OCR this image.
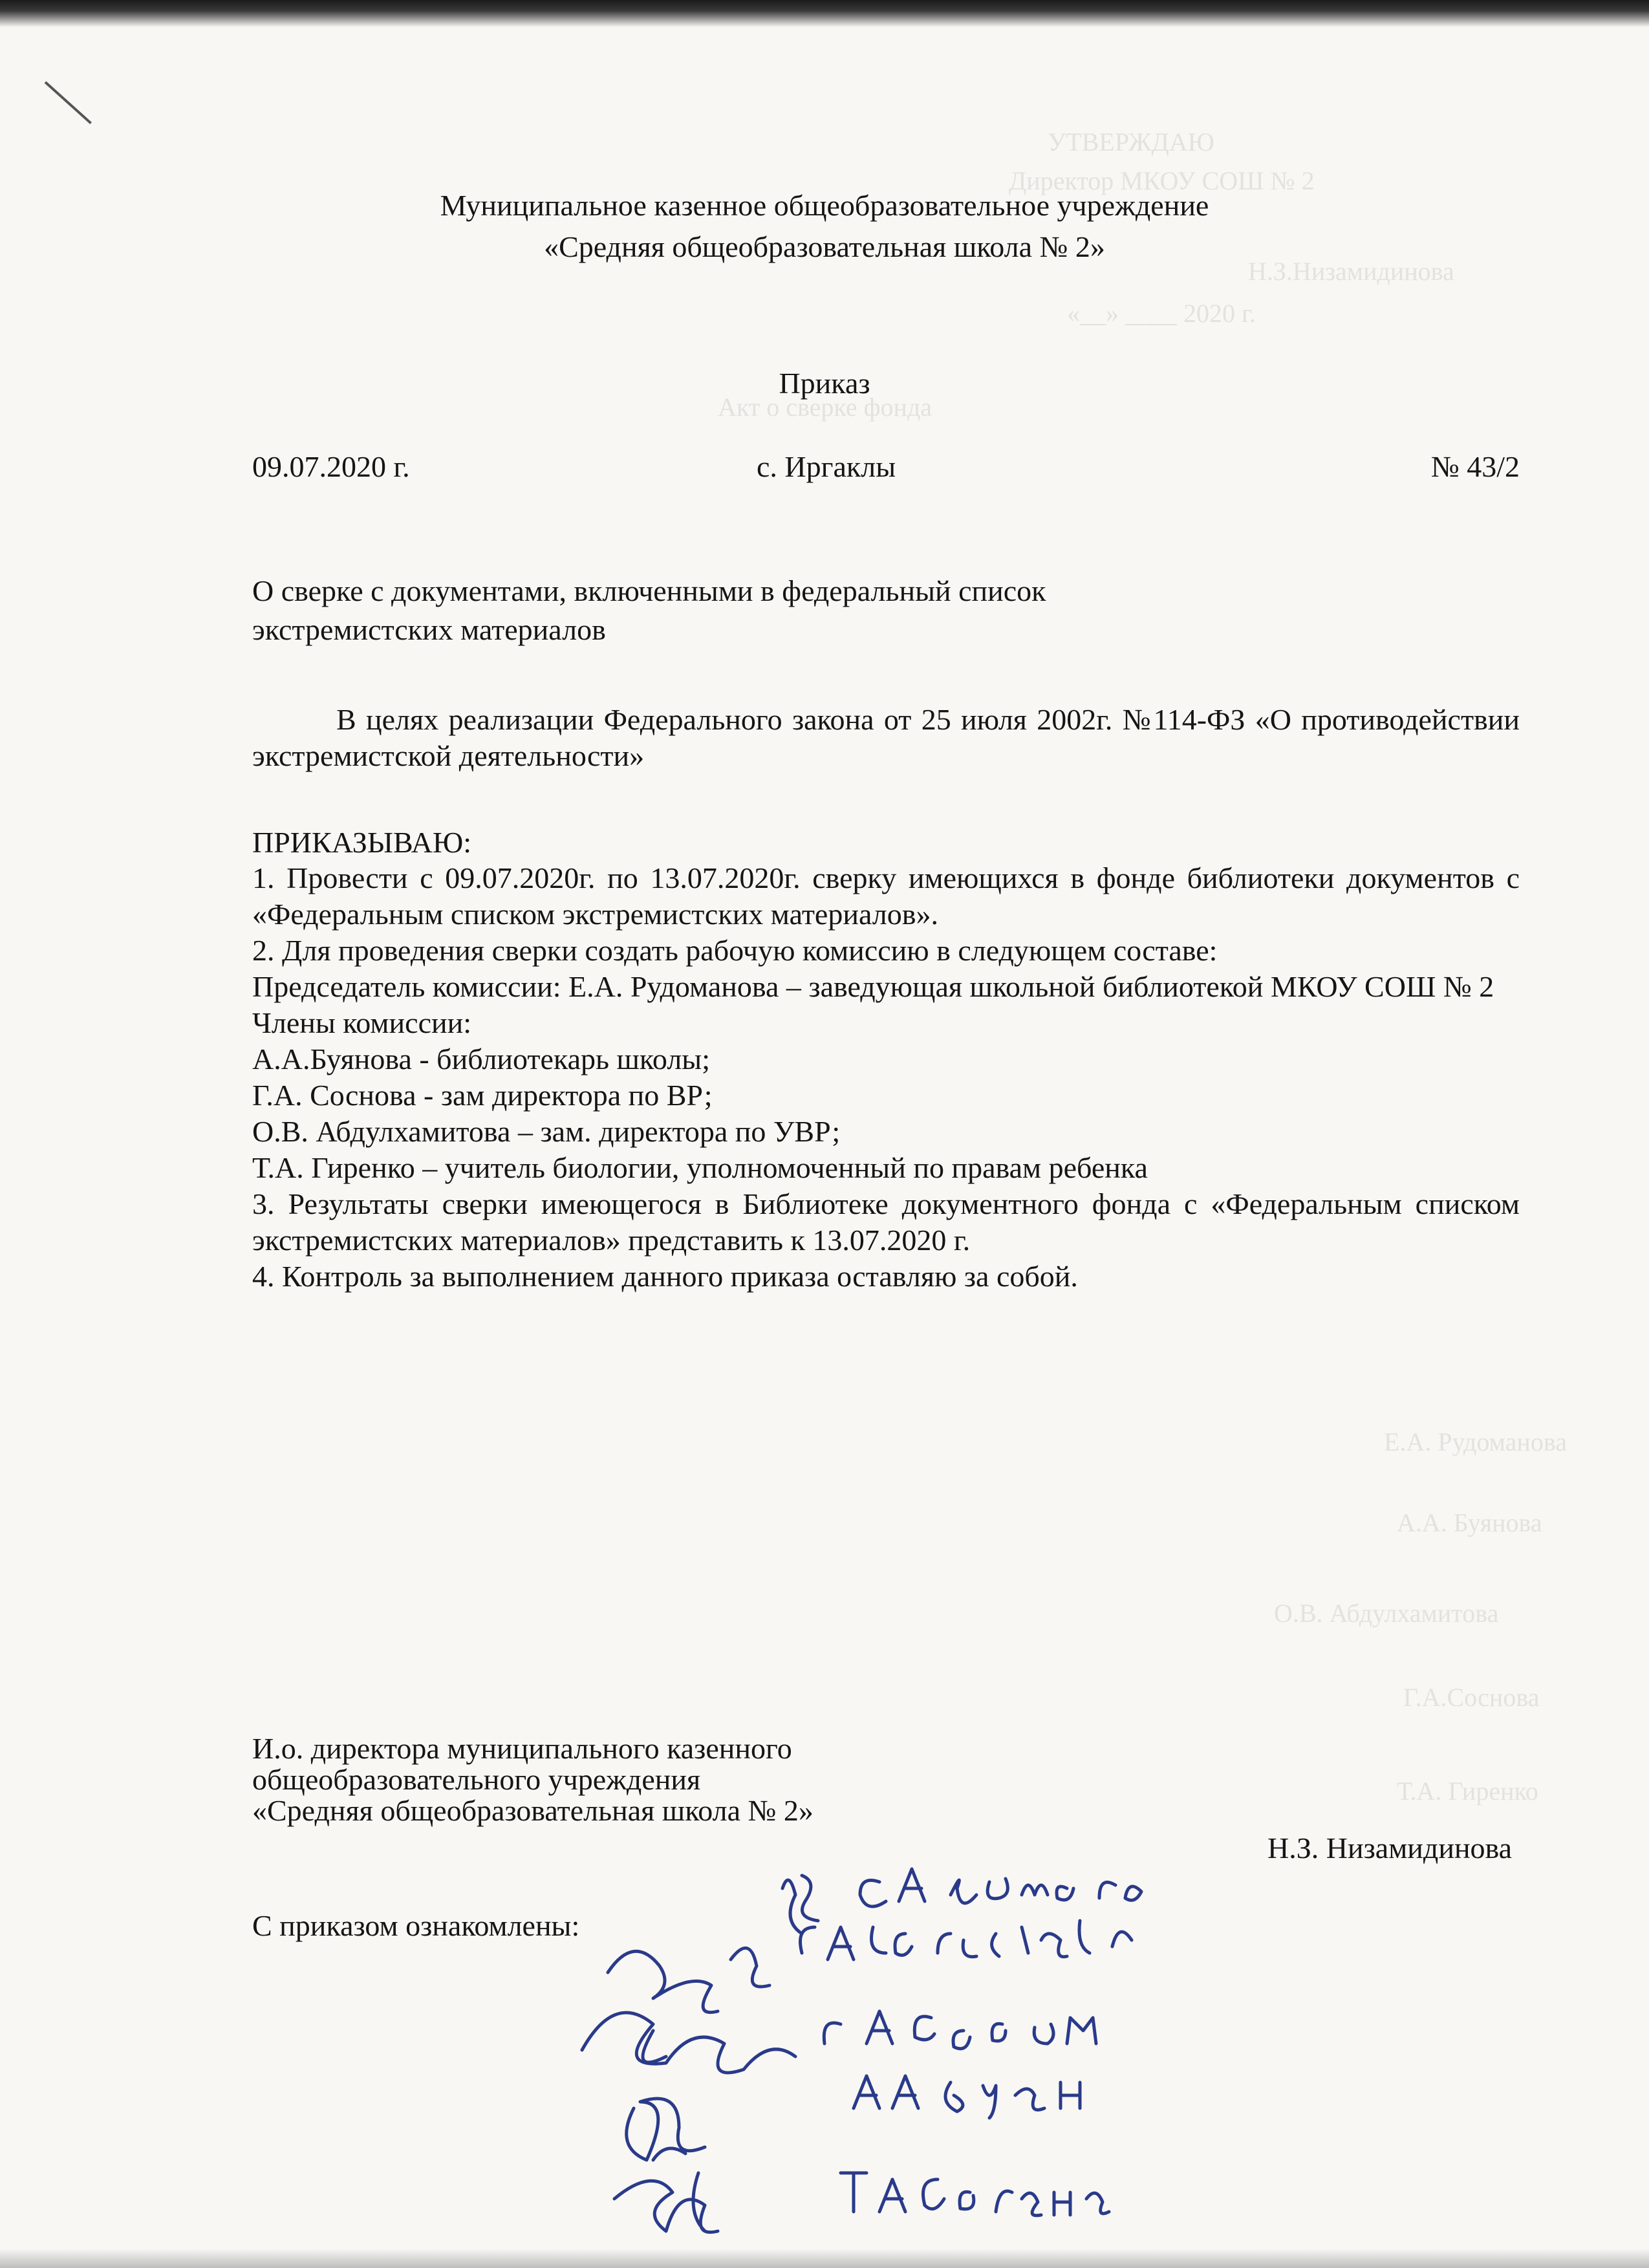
УТВЕРЖДАЮ
Директор МКОУ СОШ № 2
Н.З.Низамидинова
«__» ____ 2020 г.
Акт о сверке фонда
Е.А. Рудоманова
А.А. Буянова
О.В. Абдулхамитова
Г.А.Соснова
Т.А. Гиренко
Муниципальное казенное общеобразовательное учреждение
«Средняя общеобразовательная школа № 2»
Приказ
09.07.2020 г.	с. Иргаклы	№ 43/2
О сверке с документами, включенными в федеральный список
экстремистских материалов

В целях реализации Федерального закона от 25 июля 2002г. №114-ФЗ «О противодействии экстремистской деятельности»

ПРИКАЗЫВАЮ:

1. Провести с 09.07.2020г. по 13.07.2020г. сверку имеющихся в фонде библиотеки документов с «Федеральным списком экстремистских материалов».

2. Для проведения сверки создать рабочую комиссию в следующем составе:

Председатель комиссии: Е.А. Рудоманова – заведующая школьной библиотекой МКОУ СОШ № 2

Члены комиссии:

А.А.Буянова - библиотекарь школы;

Г.А. Соснова - зам директора по ВР;

О.В. Абдулхамитова – зам. директора по УВР;

Т.А. Гиренко – учитель биологии, уполномоченный по правам ребенка

3. Результаты сверки имеющегося в Библиотеке документного фонда с «Федеральным списком экстремистских материалов» представить к 13.07.2020 г.

4. Контроль за выполнением данного приказа оставляю за собой.

И.о. директора муниципального казенного
общеобразовательного учреждения
«Средняя общеобразовательная школа № 2»
Н.З. Низамидинова
С приказом ознакомлены:
